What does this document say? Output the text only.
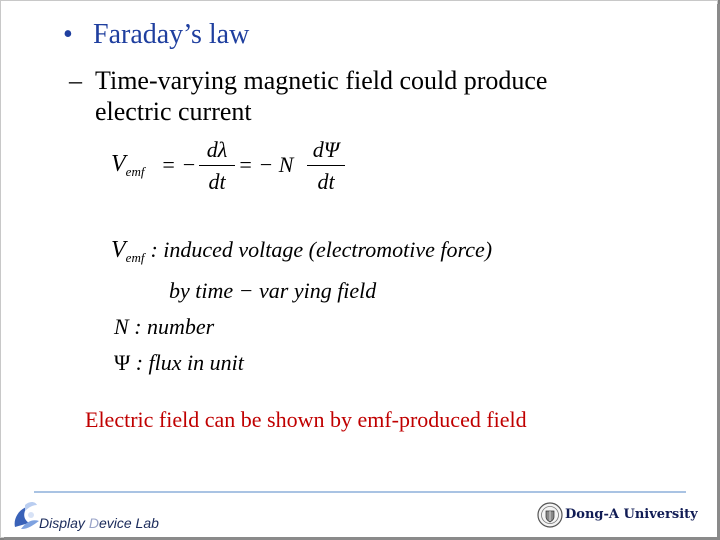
• Faraday’s law
– Time-varying magnetic field could produce electric current
$V_{emf}$ = − $\frac{d\lambda}{dt}$ = − N $\frac{d\Psi}{dt}$
$V_{emf}$ : induced voltage (electromotive force)
by time − var ying field
N : number
Ψ : flux in unit
Electric field can be shown by emf-produced field
Display Device Lab
Dong-A University
